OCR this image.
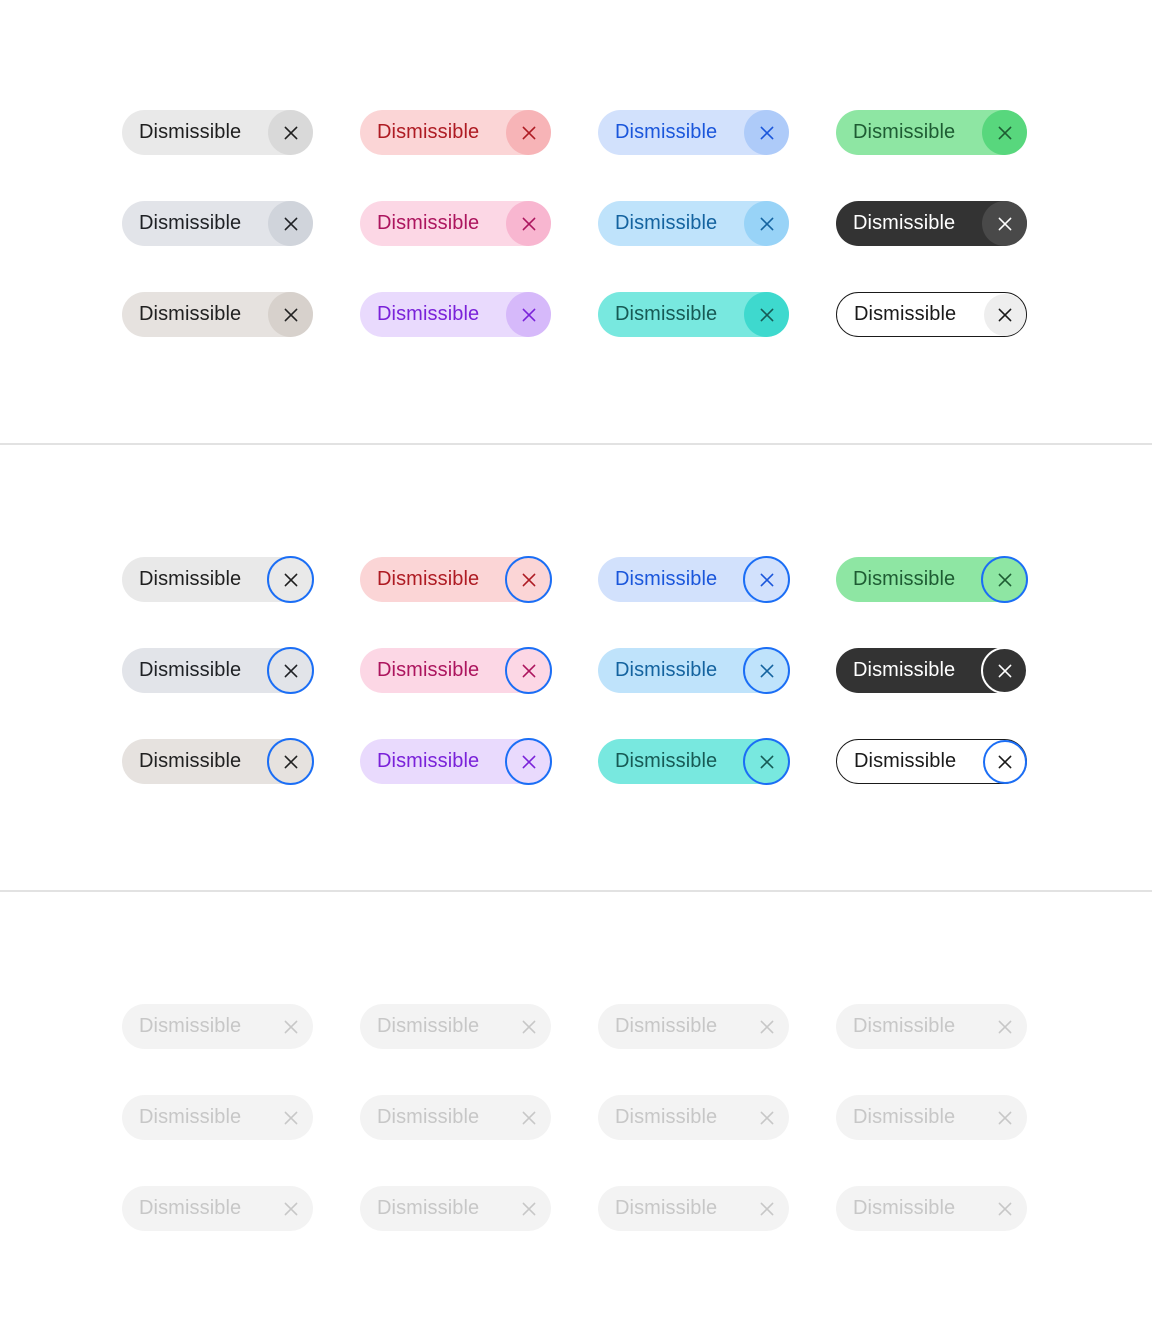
Dismissible	Dismissible	Dismissible	Dismissible
Dismissible	Dismissible	Dismissible	Dismissible
Dismissible	Dismissible	Dismissible	Dismissible
Dismissible	Dismissible	Dismissible	Dismissible
Dismissible	Dismissible	Dismissible	Dismissible
Dismissible	Dismissible	Dismissible	Dismissible
Dismissible	Dismissible	Dismissible	Dismissible
Dismissible	Dismissible	Dismissible	Dismissible
Dismissible	Dismissible	Dismissible	Dismissible
